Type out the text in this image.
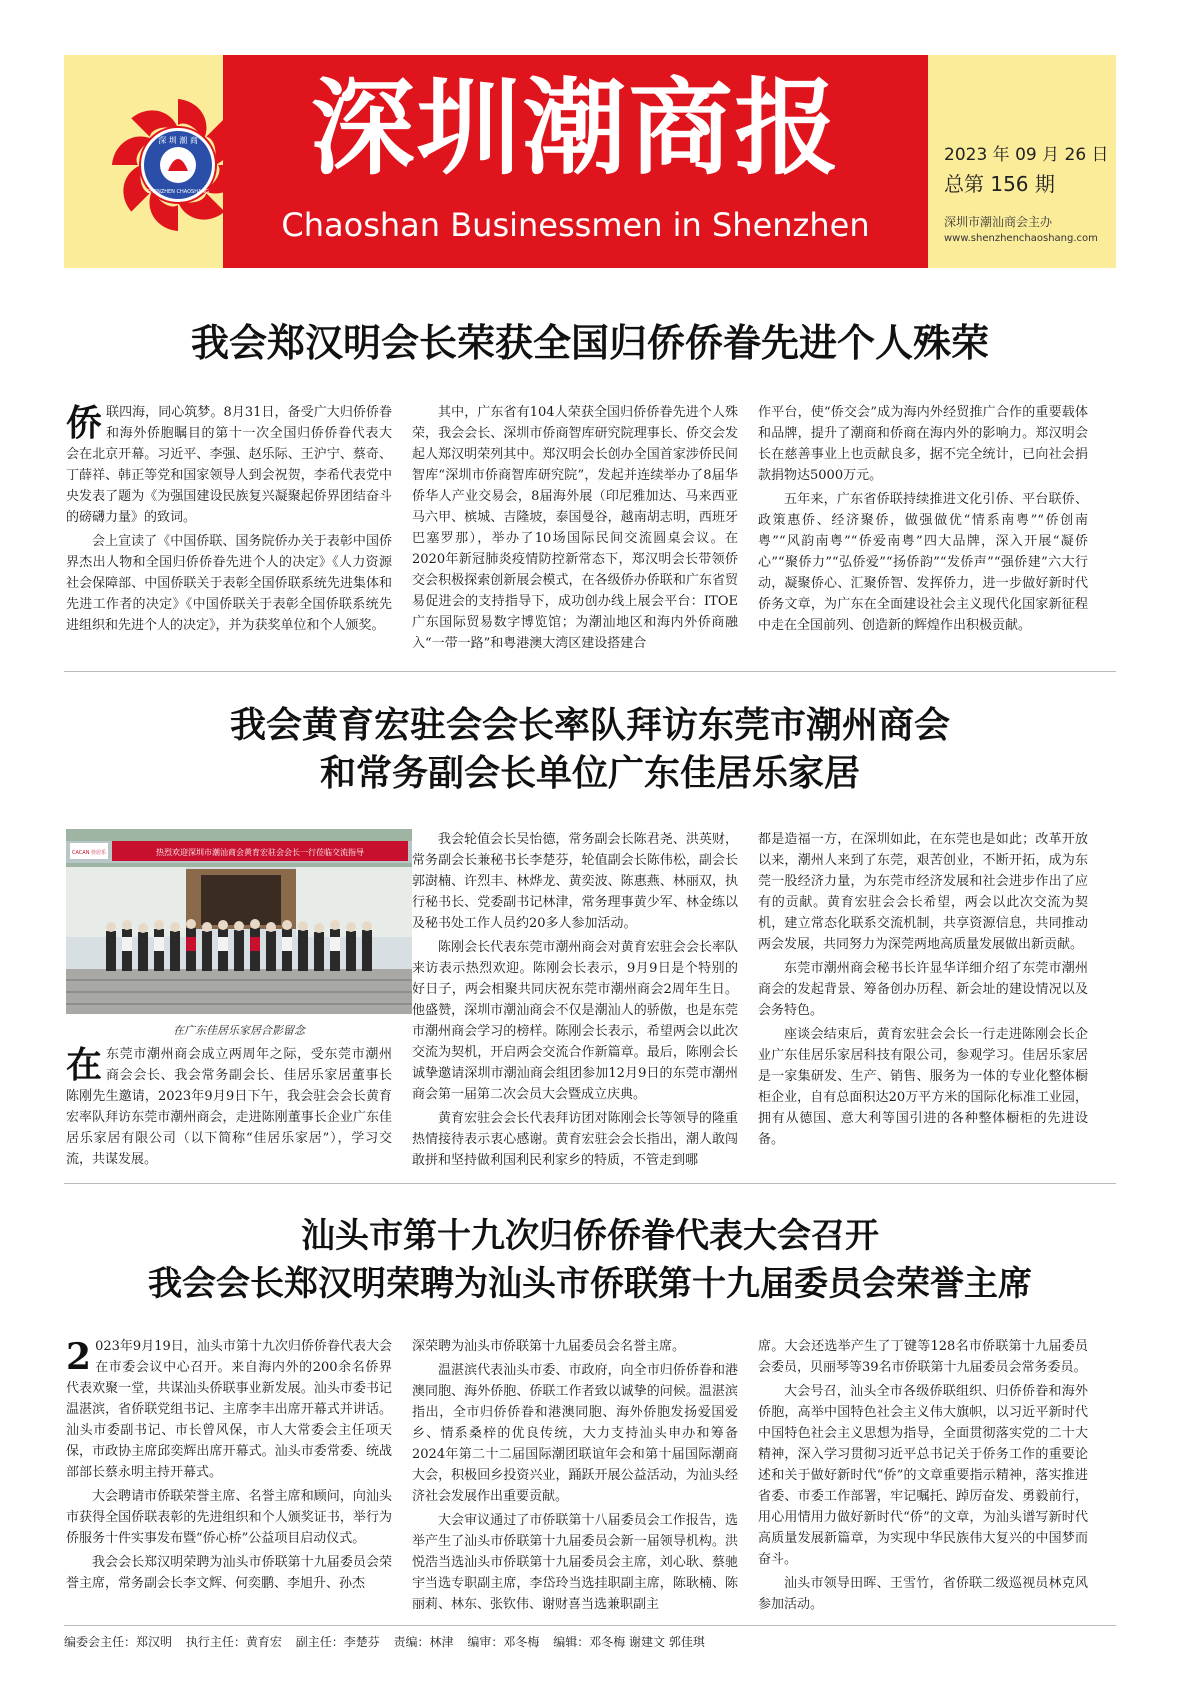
深 圳 潮 商
SHENZHEN CHAOSHANG
深圳潮商报
Chaoshan Businessmen in Shenzhen
2023 年 09 月 26 日
总第 156 期
深圳市潮汕商会主办
www.shenzhenchaoshang.com
我会郑汉明会长荣获全国归侨侨眷先进个人殊荣

侨联四海，同心筑梦。8月31日，备受广大归侨侨眷和海外侨胞瞩目的第十一次全国归侨侨眷代表大会在北京开幕。习近平、李强、赵乐际、王沪宁、蔡奇、丁薛祥、韩正等党和国家领导人到会祝贺，李希代表党中央发表了题为《为强国建设民族复兴凝聚起侨界团结奋斗的磅礴力量》的致词。

会上宣读了《中国侨联、国务院侨办关于表彰中国侨界杰出人物和全国归侨侨眷先进个人的决定》《人力资源社会保障部、中国侨联关于表彰全国侨联系统先进集体和先进工作者的决定》《中国侨联关于表彰全国侨联系统先进组织和先进个人的决定》，并为获奖单位和个人颁奖。

其中，广东省有104人荣获全国归侨侨眷先进个人殊荣，我会会长、深圳市侨商智库研究院理事长、侨交会发起人郑汉明荣列其中。郑汉明会长创办全国首家涉侨民间智库“深圳市侨商智库研究院”，发起并连续举办了8届华侨华人产业交易会，8届海外展（印尼雅加达、马来西亚马六甲、槟城、吉隆坡，泰国曼谷，越南胡志明，西班牙巴塞罗那），举办了10场国际民间交流圆桌会议。在2020年新冠肺炎疫情防控新常态下，郑汉明会长带领侨交会积极探索创新展会模式，在各级侨办侨联和广东省贸易促进会的支持指导下，成功创办线上展会平台：ITOE广东国际贸易数字博览馆；为潮汕地区和海内外侨商融入“一带一路”和粤港澳大湾区建设搭建合

作平台，使“侨交会”成为海内外经贸推广合作的重要载体和品牌，提升了潮商和侨商在海内外的影响力。郑汉明会长在慈善事业上也贡献良多，据不完全统计，已向社会捐款捐物达5000万元。

五年来，广东省侨联持续推进文化引侨、平台联侨、政策惠侨、经济聚侨，做强做优“情系南粤”“侨创南粤”“风韵南粤”“侨爱南粤”四大品牌，深入开展“凝侨心”“聚侨力”“弘侨爱”“扬侨韵”“发侨声”“强侨建”六大行动，凝聚侨心、汇聚侨智、发挥侨力，进一步做好新时代侨务文章，为广东在全面建设社会主义现代化国家新征程中走在全国前列、创造新的辉煌作出积极贡献。

我会黄育宏驻会会长率队拜访东莞市潮州商会
和常务副会长单位广东佳居乐家居
热烈欢迎深圳市潮汕商会黄育宏驻会会长一行莅临交流指导
CACAN 佳居乐
在广东佳居乐家居合影留念

在东莞市潮州商会成立两周年之际，受东莞市潮州商会会长、我会常务副会长、佳居乐家居董事长陈刚先生邀请，2023年9月9日下午，我会驻会会长黄育宏率队拜访东莞市潮州商会，走进陈刚董事长企业广东佳居乐家居有限公司（以下简称“佳居乐家居”），学习交流，共谋发展。

我会轮值会长吴怡德，常务副会长陈君尧、洪英财，常务副会长兼秘书长李楚芬，轮值副会长陈伟松，副会长郭澍楠、许烈丰、林烨龙、黄奕波、陈惠燕、林丽双，执行秘书长、党委副书记林津，常务理事黄少军、林金练以及秘书处工作人员约20多人参加活动。

陈刚会长代表东莞市潮州商会对黄育宏驻会会长率队来访表示热烈欢迎。陈刚会长表示，9月9日是个特别的好日子，两会相聚共同庆祝东莞市潮州商会2周年生日。他盛赞，深圳市潮汕商会不仅是潮汕人的骄傲，也是东莞市潮州商会学习的榜样。陈刚会长表示，希望两会以此次交流为契机，开启两会交流合作新篇章。最后，陈刚会长诚挚邀请深圳市潮汕商会组团参加12月9日的东莞市潮州商会第一届第二次会员大会暨成立庆典。

黄育宏驻会会长代表拜访团对陈刚会长等领导的隆重热情接待表示衷心感谢。黄育宏驻会会长指出，潮人敢闯敢拼和坚持做利国利民利家乡的特质，不管走到哪

都是造福一方，在深圳如此，在东莞也是如此；改革开放以来，潮州人来到了东莞，艰苦创业，不断开拓，成为东莞一股经济力量，为东莞市经济发展和社会进步作出了应有的贡献。黄育宏驻会会长希望，两会以此次交流为契机，建立常态化联系交流机制，共享资源信息，共同推动两会发展，共同努力为深莞两地高质量发展做出新贡献。

东莞市潮州商会秘书长许显华详细介绍了东莞市潮州商会的发起背景、筹备创办历程、新会址的建设情况以及会务特色。

座谈会结束后，黄育宏驻会会长一行走进陈刚会长企业广东佳居乐家居科技有限公司，参观学习。佳居乐家居是一家集研发、生产、销售、服务为一体的专业化整体橱柜企业，自有总面积达20万平方米的国际化标准工业园，拥有从德国、意大利等国引进的各种整体橱柜的先进设备。

汕头市第十九次归侨侨眷代表大会召开
我会会长郑汉明荣聘为汕头市侨联第十九届委员会荣誉主席

2 023年9月19日，汕头市第十九次归侨侨眷代表大会在市委会议中心召开。来自海内外的200余名侨界代表欢聚一堂，共谋汕头侨联事业新发展。汕头市委书记温湛滨，省侨联党组书记、主席李丰出席开幕式并讲话。汕头市委副书记、市长曾风保，市人大常委会主任项天保，市政协主席邱奕辉出席开幕式。汕头市委常委、统战部部长蔡永明主持开幕式。

大会聘请市侨联荣誉主席、名誉主席和顾问，向汕头市获得全国侨联表彰的先进组织和个人颁奖证书，举行为侨服务十件实事发布暨“侨心桥”公益项目启动仪式。

我会会长郑汉明荣聘为汕头市侨联第十九届委员会荣誉主席，常务副会长李文辉、何奕鹏、李旭升、孙杰

深荣聘为汕头市侨联第十九届委员会名誉主席。

温湛滨代表汕头市委、市政府，向全市归侨侨眷和港澳同胞、海外侨胞、侨联工作者致以诚挚的问候。温湛滨指出，全市归侨侨眷和港澳同胞、海外侨胞发扬爱国爱乡、情系桑梓的优良传统，大力支持汕头申办和筹备2024年第二十二届国际潮团联谊年会和第十届国际潮商大会，积极回乡投资兴业，踊跃开展公益活动，为汕头经济社会发展作出重要贡献。

大会审议通过了市侨联第十八届委员会工作报告，选举产生了汕头市侨联第十九届委员会新一届领导机构。洪悦浩当选汕头市侨联第十九届委员会主席，刘心耿、蔡驰宇当选专职副主席，李岱玲当选挂职副主席，陈耿楠、陈丽莉、林东、张钦伟、谢财喜当选兼职副主

席。大会还选举产生了丁键等128名市侨联第十九届委员会委员，贝丽琴等39名市侨联第十九届委员会常务委员。

大会号召，汕头全市各级侨联组织、归侨侨眷和海外侨胞，高举中国特色社会主义伟大旗帜，以习近平新时代中国特色社会主义思想为指导，全面贯彻落实党的二十大精神，深入学习贯彻习近平总书记关于侨务工作的重要论述和关于做好新时代“侨”的文章重要指示精神，落实推进省委、市委工作部署，牢记嘱托、踔厉奋发、勇毅前行，用心用情用力做好新时代“侨”的文章，为汕头谱写新时代高质量发展新篇章，为实现中华民族伟大复兴的中国梦而奋斗。

汕头市领导田晖、王雪竹，省侨联二级巡视员林克风参加活动。

编委会主任：郑汉明 执行主任：黄育宏 副主任：李楚芬 责编：林津 编审：邓冬梅 编辑：邓冬梅 谢建文 郭佳琪
